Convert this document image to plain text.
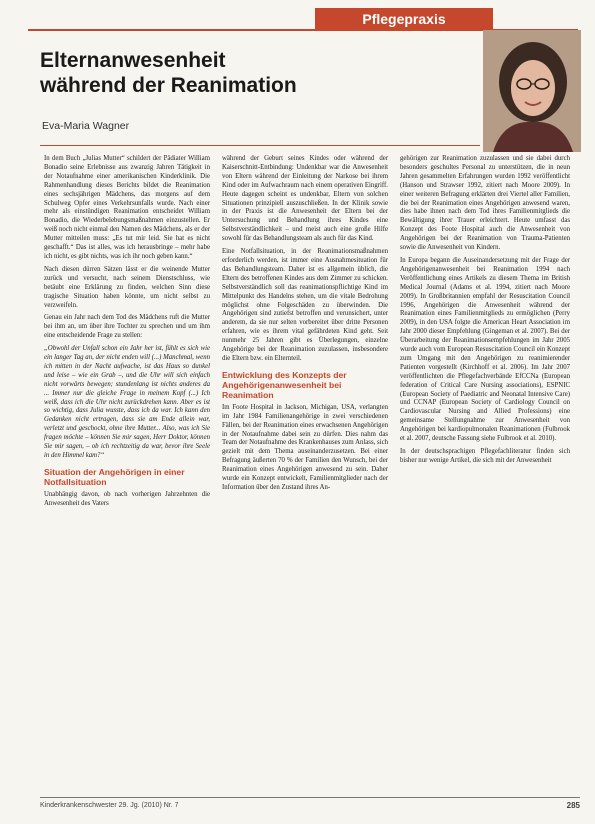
Pflegepraxis
Elternanwesenheit
während der Reanimation
Eva-Maria Wagner

In dem Buch „Julias Mutter“ schildert der Pädiater William Bonadio seine Erlebnisse aus zwanzig Jahren Tätigkeit in der Notaufnahme einer amerikanischen Kinderklinik. Die Rahmenhandlung dieses Berichts bildet die Reanimation eines sechsjährigen Mädchens, das morgens auf dem Schulweg Opfer eines Verkehrsunfalls wurde. Nach einer mehr als einstündigen Reanimation entscheidet William Bonadio, die Wiederbelebungsmaßnahmen einzustellen. Er weiß noch nicht einmal den Namen des Mädchens, als er der Mutter mitteilen muss: „Es tut mir leid. Sie hat es nicht geschafft.“ Das ist alles, was ich herausbringe – mehr habe ich nicht, es gibt nichts, was ich ihr noch geben kann.“

Nach diesen dürren Sätzen lässt er die weinende Mutter zurück und versucht, nach seinem Dienstschluss, wie betäubt eine Erklärung zu finden, welchen Sinn diese tragische Situation haben könnte, um nicht selbst zu verzweifeln.

Genau ein Jahr nach dem Tod des Mädchens ruft die Mutter bei ihm an, um über ihre Tochter zu sprechen und um ihm eine entscheidende Frage zu stellen:

„Obwohl der Unfall schon ein Jahr her ist, fühlt es sich wie ein langer Tag an, der nicht enden will (...) Manchmal, wenn ich mitten in der Nacht aufwache, ist das Haus so dunkel und leise – wie ein Grab –, und die Uhr will sich einfach nicht vorwärts bewegen; stundenlang ist nichts anderes da ... Immer nur die gleiche Frage in meinem Kopf (...) Ich weiß, dass ich die Uhr nicht zurückdrehen kann. Aber es ist so wichtig, dass Julia wusste, dass ich da war. Ich kann den Gedanken nicht ertragen, dass sie am Ende allein war, verletzt und geschockt, ohne ihre Mutter... Also, was ich Sie fragen möchte – können Sie mir sagen, Herr Doktor, können Sie mir sagen, – ob ich rechtzeitig da war, bevor ihre Seele in den Himmel kam?“

Situation der Angehörigen in einer Notfallsituation

Unabhängig davon, ob nach vorherigen Jahrzehnten die Anwesenheit des Vaters

während der Geburt seines Kindes oder während der Kaiserschnitt-Entbindung: Undenkbar war die Anwesenheit von Eltern während der Einleitung der Narkose bei ihrem Kind oder im Aufwachraum nach einem operativen Eingriff. Heute dagegen scheint es undenkbar, Eltern von solchen Situationen prinzipiell auszuschließen. In der Klinik sowie in der Praxis ist die Anwesenheit der Eltern bei der Untersuchung und Behandlung ihres Kindes eine Selbstverständlichkeit – und meist auch eine große Hilfe sowohl für das Behandlungsteam als auch für das Kind.

Eine Notfallsituation, in der Reanimationsmaßnahmen erforderlich werden, ist immer eine Ausnahmesituation für das Behandlungsteam. Daher ist es allgemein üblich, die Eltern des betroffenen Kindes aus dem Zimmer zu schicken. Selbstverständlich soll das reanimationspflichtige Kind im Mittelpunkt des Handelns stehen, um die vitale Bedrohung möglichst ohne Folgeschäden zu überwinden. Die Angehörigen sind zutiefst betroffen und verunsichert, unter anderem, da sie nur selten vorbereitet über dritte Personen erfahren, wie es ihrem vital gefährdeten Kind geht. Seit nunmehr 25 Jahren gibt es Überlegungen, einzelne Angehörige bei der Reanimation zuzulassen, insbesondere die Eltern bzw. ein Elternteil.

Entwicklung des Konzepts der Angehörigenanwesenheit bei Reanimation

Im Foote Hospital in Jackson, Michigan, USA, verlangten im Jahr 1984 Familienangehörige in zwei verschiedenen Fällen, bei der Reanimation eines erwachsenen Angehörigen in der Notaufnahme dabei sein zu dürfen. Dies nahm das Team der Notaufnahme des Krankenhauses zum Anlass, sich gezielt mit dem Thema auseinanderzusetzen. Bei einer Befragung äußerten 70 % der Familien den Wunsch, bei der Reanimation eines Angehörigen anwesend zu sein. Daher wurde ein Konzept entwickelt, Familienmitglieder nach der Information über den Zustand ihres An-

gehörigen zur Reanimation zuzulassen und sie dabei durch besonders geschultes Personal zu unterstützen, die in neun Jahren gesammelten Erfahrungen wurden 1992 veröffentlicht (Hanson und Strawser 1992, zitiert nach Moore 2009). In einer weiteren Befragung erklärten drei Viertel aller Familien, die bei der Reanimation eines Angehörigen anwesend waren, dies habe ihnen nach dem Tod ihres Familienmitglieds die Bewältigung ihrer Trauer erleichtert. Heute umfasst das Konzept des Foote Hospital auch die Anwesenheit von Angehörigen bei der Reanimation von Trauma-Patienten sowie die Anwesenheit von Kindern.

In Europa begann die Auseinandersetzung mit der Frage der Angehörigenanwesenheit bei Reanimation 1994 nach Veröffentlichung eines Artikels zu diesem Thema im British Medical Journal (Adams et al. 1994, zitiert nach Moore 2009). In Großbritannien empfahl der Resuscitation Council 1996, Angehörigen die Anwesenheit während der Reanimation eines Familienmitglieds zu ermöglichen (Perry 2009), in den USA folgte die American Heart Association im Jahr 2000 dieser Empfehlung (Gingeman et al. 2007). Bei der Überarbeitung der Reanimationsempfehlungen im Jahr 2005 wurde auch vom European Resuscitation Council ein Konzept zum Umgang mit den Angehörigen zu reanimierender Patienten vorgestellt (Kirchhoff et al. 2006). Im Jahr 2007 veröffentlichten die Pflegefachverbände EfCCNa (European federation of Critical Care Nursing associations), ESPNIC (European Society of Paediatric and Neonatal Intensive Care) und CCNAP (European Society of Cardiology Council on Cardiovascular Nursing and Allied Professions) eine gemeinsame Stellungnahme zur Anwesenheit von Angehörigen bei kardiopulmonalen Reanimationen (Fulbrook et al. 2007, deutsche Fassung siehe Fulbrook et al. 2010).

In der deutschsprachigen Pflegefachliteratur finden sich bisher nur wenige Artikel, die sich mit der Anwesenheit

Kinderkrankenschwester 29. Jg. (2010) Nr. 7	285
